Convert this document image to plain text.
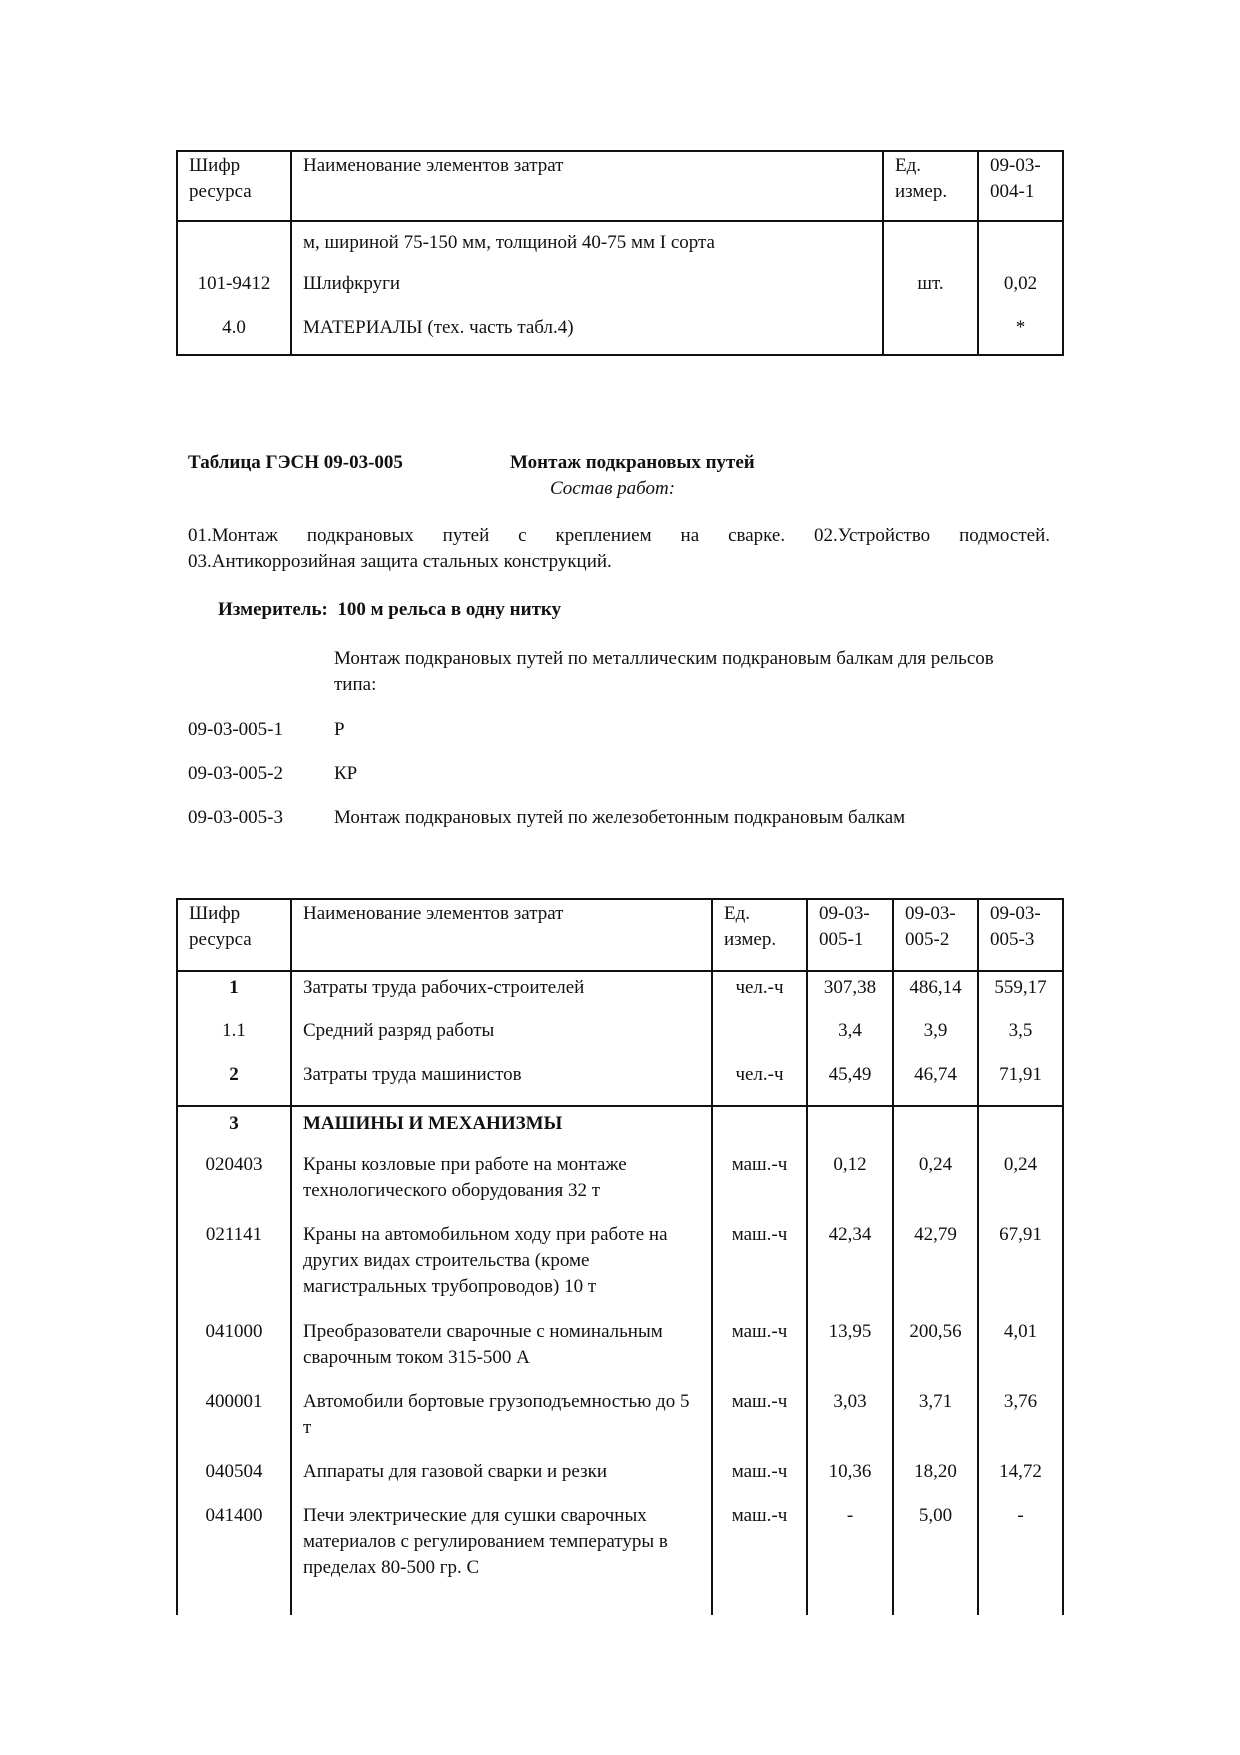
Шифр ресурса	Наименование элементов затрат	Ед. измер.	09-03-004-1
	м, шириной 75-150 мм, толщиной 40-75 мм I сорта		
101-9412	Шлифкруги	шт.	0,02
4.0	МАТЕРИАЛЫ (тех. часть табл.4)		*
Таблица ГЭСН 09-03-005	Монтаж подкрановых путей
Состав работ:
01.Монтаж подкрановых путей с креплением на сварке. 02.Устройство подмостей.
03.Антикоррозийная защита стальных конструкций.
Измеритель: 100 м рельса в одну нитку
Монтаж подкрановых путей по металлическим подкрановым балкам для рельсов
типа:
09-03-005-1	Р
09-03-005-2	КР
09-03-005-3	Монтаж подкрановых путей по железобетонным подкрановым балкам
Шифр ресурса	Наименование элементов затрат	Ед. измер.	09-03-005-1	09-03-005-2	09-03-005-3
1	Затраты труда рабочих-строителей	чел.-ч	307,38	486,14	559,17
1.1	Средний разряд работы		3,4	3,9	3,5
2	Затраты труда машинистов	чел.-ч	45,49	46,74	71,91
3	МАШИНЫ И МЕХАНИЗМЫ				
020403	Краны козловые при работе на монтаже технологического оборудования 32 т	маш.-ч	0,12	0,24	0,24
021141	Краны на автомобильном ходу при работе на других видах строительства (кроме магистральных трубопроводов) 10 т	маш.-ч	42,34	42,79	67,91
041000	Преобразователи сварочные с номинальным сварочным током 315-500 А	маш.-ч	13,95	200,56	4,01
400001	Автомобили бортовые грузоподъемностью до 5 т	маш.-ч	3,03	3,71	3,76
040504	Аппараты для газовой сварки и резки	маш.-ч	10,36	18,20	14,72
041400	Печи электрические для сушки сварочных материалов с регулированием температуры в пределах 80-500 гр. С	маш.-ч	-	5,00	-
